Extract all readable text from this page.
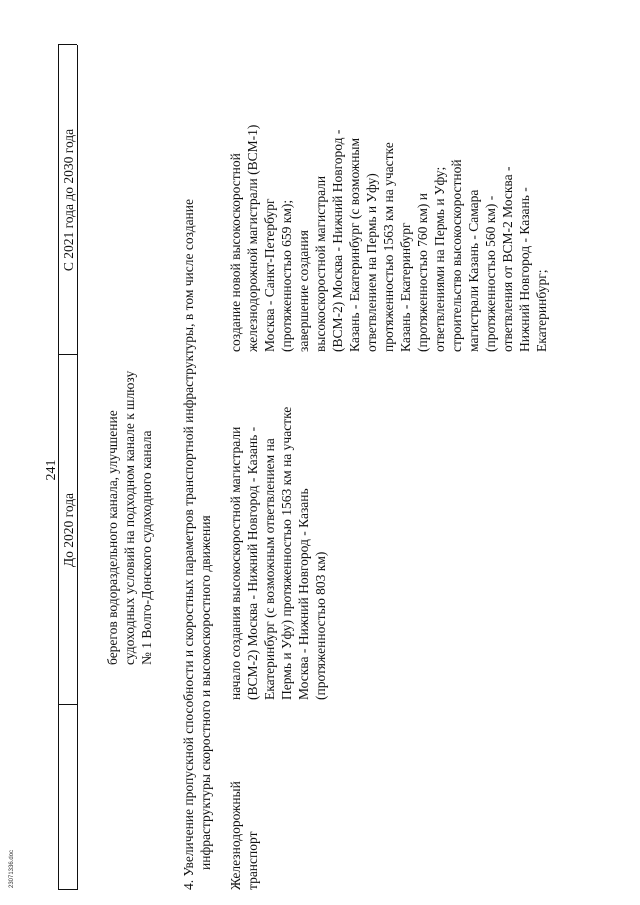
241
До 2020 года
С 2021 года до 2030 года
берегов водораздельного канала, улучшение судоходных условий на подходном канале к шлюзу № 1 Волго-Донского судоходного канала 4. Увеличение пропускной способности и скоростных параметров транспортной инфраструктуры, в том числе создание инфраструктуры скоростного и высокоскоростного движения Железнодорожный транспорт
начало создания высокоскоростной магистрали (ВСМ-2) Москва - Нижний Новгород - Казань - Екатеринбург (с возможным ответвлением на Пермь и Уфу) протяженностью 1563 км на участке Москва - Нижний Новгород - Казань (протяженностью 803 км)
создание новой высокоскоростной железнодорожной магистрали (ВСМ-1) Москва - Санкт-Петербург (протяженностью 659 км); завершение создания высокоскоростной магистрали (ВСМ-2) Москва - Нижний Новгород - Казань - Екатеринбург (с возможным ответвлением на Пермь и Уфу) протяженностью 1563 км на участке Казань - Екатеринбург (протяженностью 760 км) и ответвлениями на Пермь и Уфу; строительство высокоскоростной магистрали Казань - Самара (протяженностью 560 км) - ответвления от ВСМ-2 Москва - Нижний Новгород - Казань - Екатеринбург;
23071336.doc
